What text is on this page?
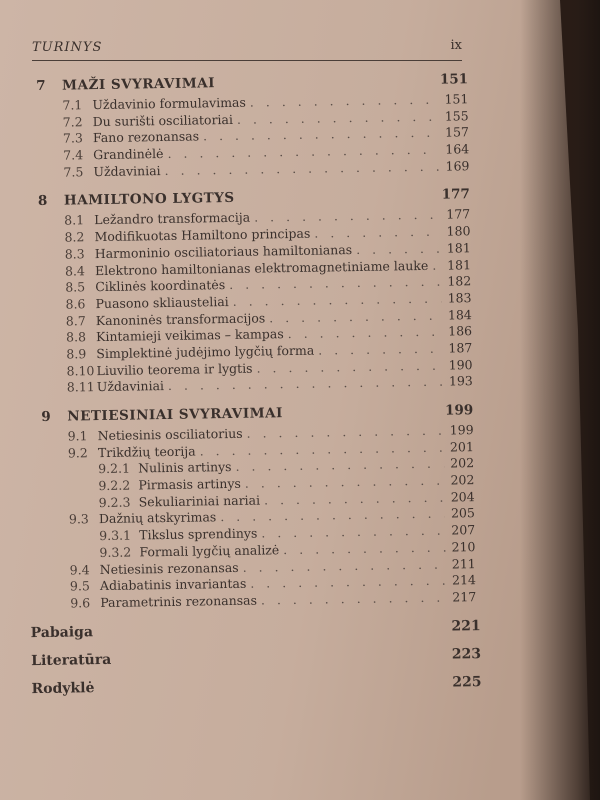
TURINYS	ix
7	MAŽI SVYRAVIMAI	151
7.1 Uždavinio formulavimas . . .	151
7.2 Du surišti osciliatoriai . . .	155
7.3 Fano rezonansas . . .	157
7.4 Grandinėlė . . .	164
7.5 Uždaviniai . . .	169
8	HAMILTONO LYGTYS	177
8.1 Ležandro transformacija . . .	177
8.2 Modifikuotas Hamiltono principas . . .	180
8.3 Harmoninio osciliatoriaus hamiltonianas . . .	181
8.4 Elektrono hamiltonianas elektromagnetiniame lauke . . . 181
8.5 Ciklinės koordinatės . . .	182
8.6 Puasono skliausteliai . . .	183
8.7 Kanoninės transformacijos . . .	184
8.8 Kintamieji veikimas – kampas . . .	186
8.9 Simplektinė judėjimo lygčių forma . . .	187
8.10 Liuvilio teorema ir lygtis . . .	190
8.11 Uždaviniai . . .	193
9	NETIESINIAI SVYRAVIMAI	199
9.1 Netiesinis osciliatorius . . .	199
9.2 Trikdžių teorija . . .	201
9.2.1 Nulinis artinys . . .	202
9.2.2 Pirmasis artinys . . .	202
9.2.3 Sekuliariniai nariai . . .	204
9.3 Dažnių atskyrimas . . .	205
9.3.1 Tikslus sprendinys . . .	207
9.3.2 Formali lygčių analizė . . .	210
9.4 Netiesinis rezonansas . . .	211
9.5 Adiabatinis invariantas . . .	214
9.6 Parametrinis rezonansas . . .	217
Pabaiga	221
Literatūra	223
Rodyklė	225
